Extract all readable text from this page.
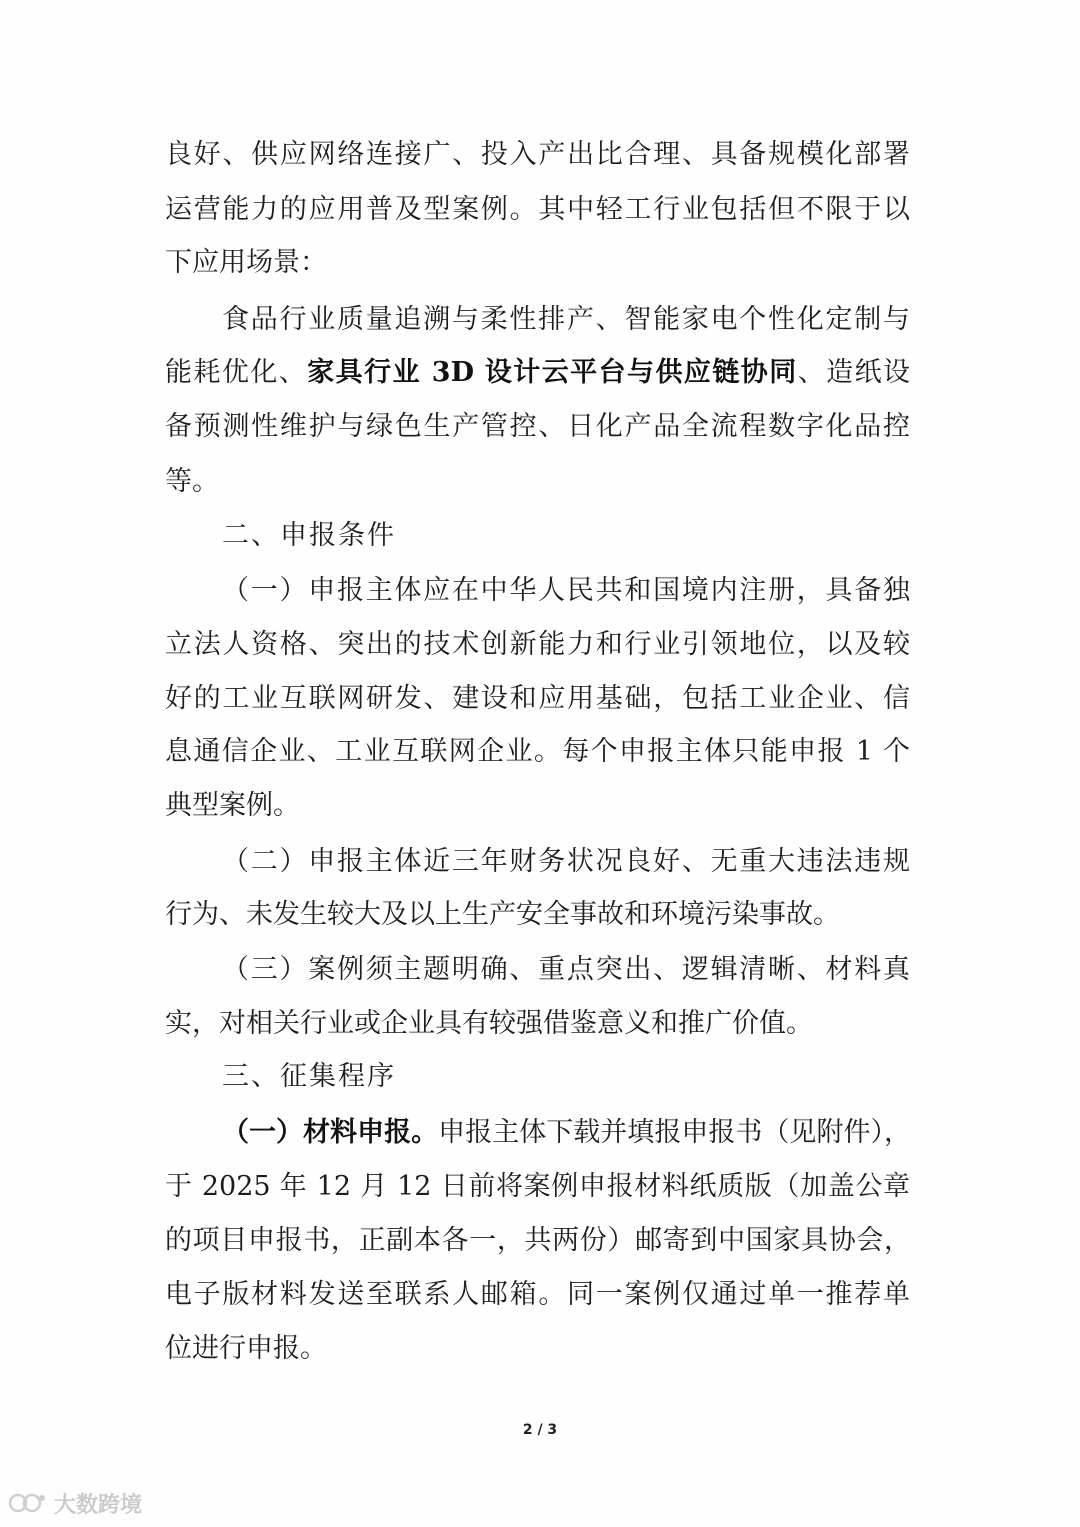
良好、供应网络连接广、投入产出比合理、具备规模化部署
运营能力的应用普及型案例。其中轻工行业包括但不限于以
下应用场景：
食品行业质量追溯与柔性排产、智能家电个性化定制与
能耗优化、家具行业 3D 设计云平台与供应链协同、造纸设
备预测性维护与绿色生产管控、日化产品全流程数字化品控
等。
二、申报条件
（一）申报主体应在中华人民共和国境内注册，具备独
立法人资格、突出的技术创新能力和行业引领地位，以及较
好的工业互联网研发、建设和应用基础，包括工业企业、信
息通信企业、工业互联网企业。每个申报主体只能申报 1 个
典型案例。
（二）申报主体近三年财务状况良好、无重大违法违规
行为、未发生较大及以上生产安全事故和环境污染事故。
（三）案例须主题明确、重点突出、逻辑清晰、材料真
实，对相关行业或企业具有较强借鉴意义和推广价值。
三、征集程序
（一）材料申报。申报主体下载并填报申报书（见附件），
于 2025 年 12 月 12 日前将案例申报材料纸质版（加盖公章
的项目申报书，正副本各一，共两份）邮寄到中国家具协会，
电子版材料发送至联系人邮箱。同一案例仅通过单一推荐单
位进行申报。
2 / 3
大数跨境
